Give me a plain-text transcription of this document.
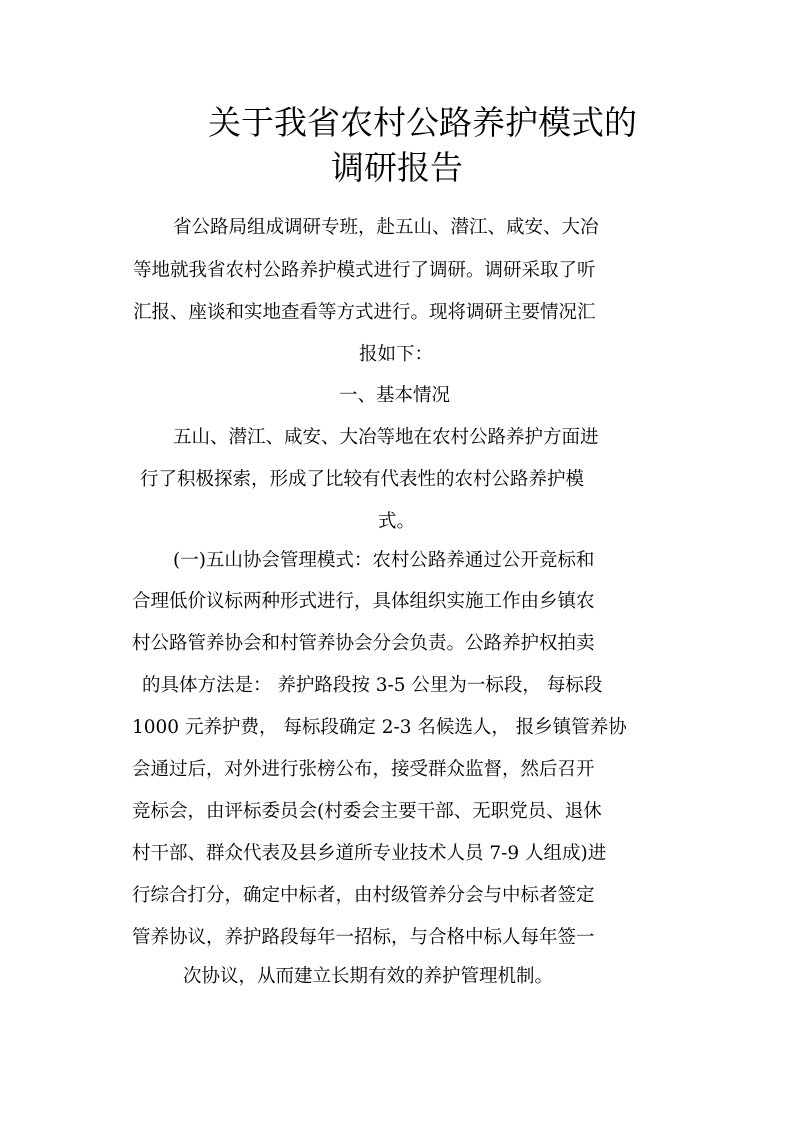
关于我省农村公路养护模式的
调研报告
省公路局组成调研专班，赴五山、潜江、咸安、大冶
等地就我省农村公路养护模式进行了调研。调研采取了听
汇报、座谈和实地查看等方式进行。现将调研主要情况汇
报如下：
一、基本情况
五山、潜江、咸安、大冶等地在农村公路养护方面进
行了积极探索，形成了比较有代表性的农村公路养护模
式。
(一)五山协会管理模式：农村公路养通过公开竞标和
合理低价议标两种形式进行，具体组织实施工作由乡镇农
村公路管养协会和村管养协会分会负责。公路养护权拍卖
的具体方法是： 养护路段按 3-5 公里为一标段， 每标段
1000 元养护费， 每标段确定 2-3 名候选人， 报乡镇管养协
会通过后，对外进行张榜公布，接受群众监督，然后召开
竞标会，由评标委员会(村委会主要干部、无职党员、退休
村干部、群众代表及县乡道所专业技术人员 7-9 人组成)进
行综合打分，确定中标者，由村级管养分会与中标者签定
管养协议，养护路段每年一招标，与合格中标人每年签一
次协议，从而建立长期有效的养护管理机制。
